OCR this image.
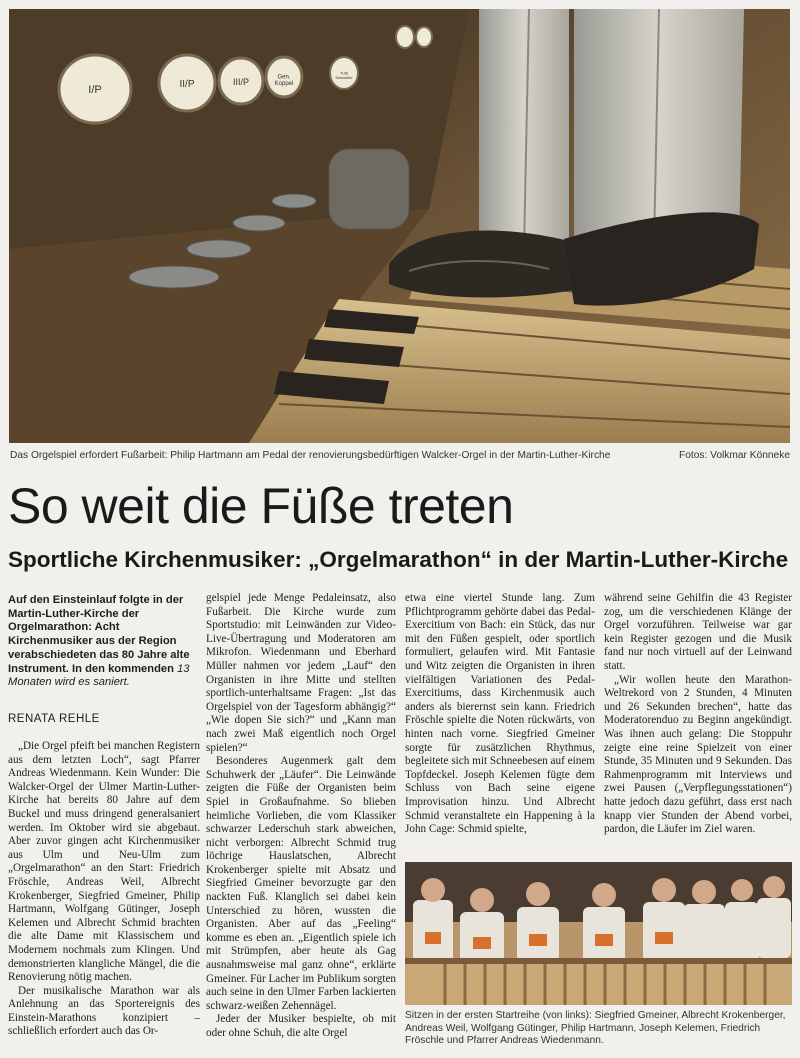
I/P	II/P	III/P	Gen. Koppel
Tutti Schweller
Das Orgelspiel erfordert Fußarbeit: Philip Hartmann am Pedal der renovierungsbedürftigen Walcker-Orgel in der Martin-Luther-Kirche	Fotos: Volkmar Könneke
So weit die Füße treten
Sportliche Kirchenmusiker: „Orgelmarathon“ in der Martin-Luther-Kirche
Auf den Einsteinlauf folgte in der Martin-Luther-Kirche der Orgelmarathon: Acht Kirchenmusiker aus der Region verabschiedeten das 80 Jahre alte Instrument. In den kommenden 13 Monaten wird es saniert.
RENATA REHLE

„Die Orgel pfeift bei manchen Registern aus dem letzten Loch“, sagt Pfarrer Andreas Wiedenmann. Kein Wunder: Die Walcker-Orgel der Ulmer Martin-Luther-Kirche hat bereits 80 Jahre auf dem Buckel und muss dringend generalsaniert werden. Im Oktober wird sie abgebaut. Aber zuvor gingen acht Kirchenmusiker aus Ulm und Neu-Ulm zum „Orgelmarathon“ an den Start: Friedrich Fröschle, Andreas Weil, Albrecht Krokenberger, Siegfried Gmeiner, Philip Hartmann, Wolfgang Gütinger, Joseph Kelemen und Albrecht Schmid brachten die alte Dame mit Klassischem und Modernem nochmals zum Klingen. Und demonstrierten klangliche Mängel, die die Renovierung nötig machen.

Der musikalische Marathon war als Anlehnung an das Sportereignis des Einstein-Marathons konzipiert – schließlich erfordert auch das Or-

gelspiel jede Menge Pedaleinsatz, also Fußarbeit. Die Kirche wurde zum Sportstudio: mit Leinwänden zur Video-Live-Übertragung und Moderatoren am Mikrofon. Wiedenmann und Eberhard Müller nahmen vor jedem „Lauf“ den Organisten in ihre Mitte und stellten sportlich-unterhaltsame Fragen: „Ist das Orgelspiel von der Tagesform abhängig?“ „Wie dopen Sie sich?“ und „Kann man nach zwei Maß eigentlich noch Orgel spielen?“

Besonderes Augenmerk galt dem Schuhwerk der „Läufer“. Die Leinwände zeigten die Füße der Organisten beim Spiel in Großaufnahme. So blieben heimliche Vorlieben, die vom Klassiker schwarzer Lederschuh stark abweichen, nicht verborgen: Albrecht Schmid trug löchrige Hauslatschen, Albrecht Krokenberger spielte mit Absatz und Siegfried Gmeiner bevorzugte gar den nackten Fuß. Klanglich sei dabei kein Unterschied zu hören, wussten die Organisten. Aber auf das „Feeling“ komme es eben an. „Eigentlich spiele ich mit Strümpfen, aber heute als Gag ausnahmsweise mal ganz ohne“, erklärte Gmeiner. Für Lacher im Publikum sorgten auch seine in den Ulmer Farben lackierten schwarz-weißen Zehennägel.

Jeder der Musiker bespielte, ob mit oder ohne Schuh, die alte Orgel

etwa eine viertel Stunde lang. Zum Pflichtprogramm gehörte dabei das Pedal-Exercitium von Bach: ein Stück, das nur mit den Füßen gespielt, oder sportlich formuliert, gelaufen wird. Mit Fantasie und Witz zeigten die Organisten in ihren vielfältigen Variationen des Pedal-Exercitiums, dass Kirchenmusik auch anders als bierernst sein kann. Friedrich Fröschle spielte die Noten rückwärts, von hinten nach vorne. Siegfried Gmeiner sorgte für zusätzlichen Rhythmus, begleitete sich mit Schneebesen auf einem Topfdeckel. Joseph Kelemen fügte dem Schluss von Bach seine eigene Improvisation hinzu. Und Albrecht Schmid veranstaltete ein Happening à la John Cage: Schmid spielte,

während seine Gehilfin die 43 Register zog, um die verschiedenen Klänge der Orgel vorzuführen. Teilweise war gar kein Register gezogen und die Musik fand nur noch virtuell auf der Leinwand statt.

„Wir wollen heute den Marathon-Weltrekord von 2 Stunden, 4 Minuten und 26 Sekunden brechen“, hatte das Moderatorenduo zu Beginn angekündigt. Was ihnen auch gelang: Die Stoppuhr zeigte eine reine Spielzeit von einer Stunde, 35 Minuten und 9 Sekunden. Das Rahmenprogramm mit Interviews und zwei Pausen („Verpflegungsstationen“) hatte jedoch dazu geführt, dass erst nach knapp vier Stunden der Abend vorbei, pardon, die Läufer im Ziel waren.

Sitzen in der ersten Startreihe (von links): Siegfried Gmeiner, Albrecht Krokenberger, Andreas Weil, Wolfgang Gütinger, Philip Hartmann, Joseph Kelemen, Friedrich Fröschle und Pfarrer Andreas Wiedenmann.
